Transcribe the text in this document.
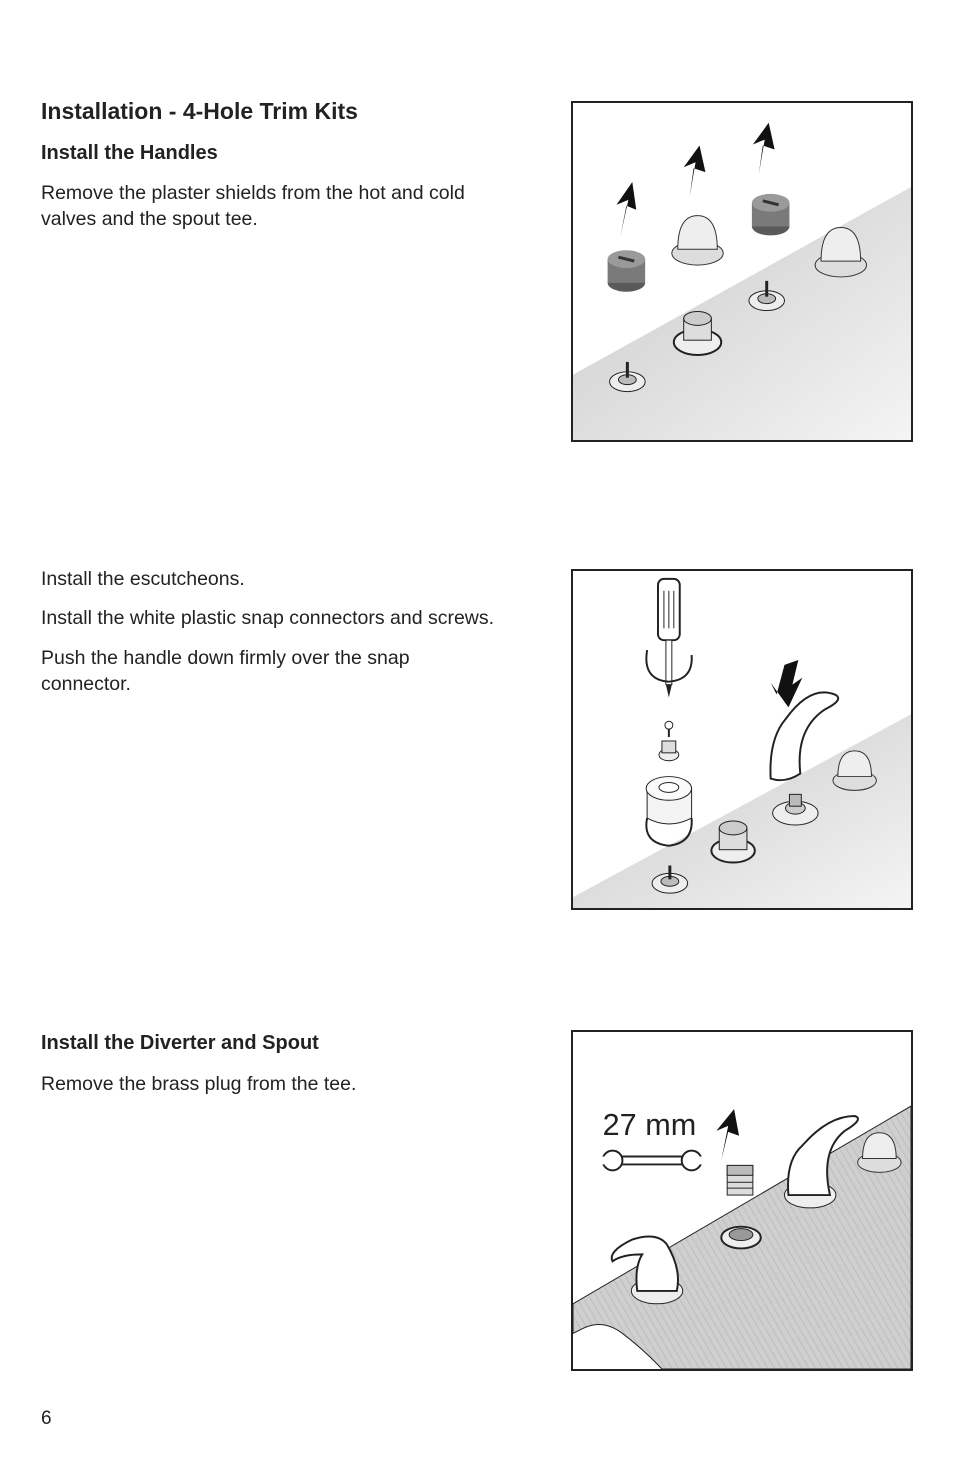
Installation - 4-Hole Trim Kits
Install the Handles

Remove the plaster shields from the hot and cold valves and the spout tee.

Install the escutcheons.

Install the white plastic snap connectors and screws.

Push the handle down firmly over the snap connector.

Install the Diverter and Spout

Remove the brass plug from the tee.

27 mm
6
